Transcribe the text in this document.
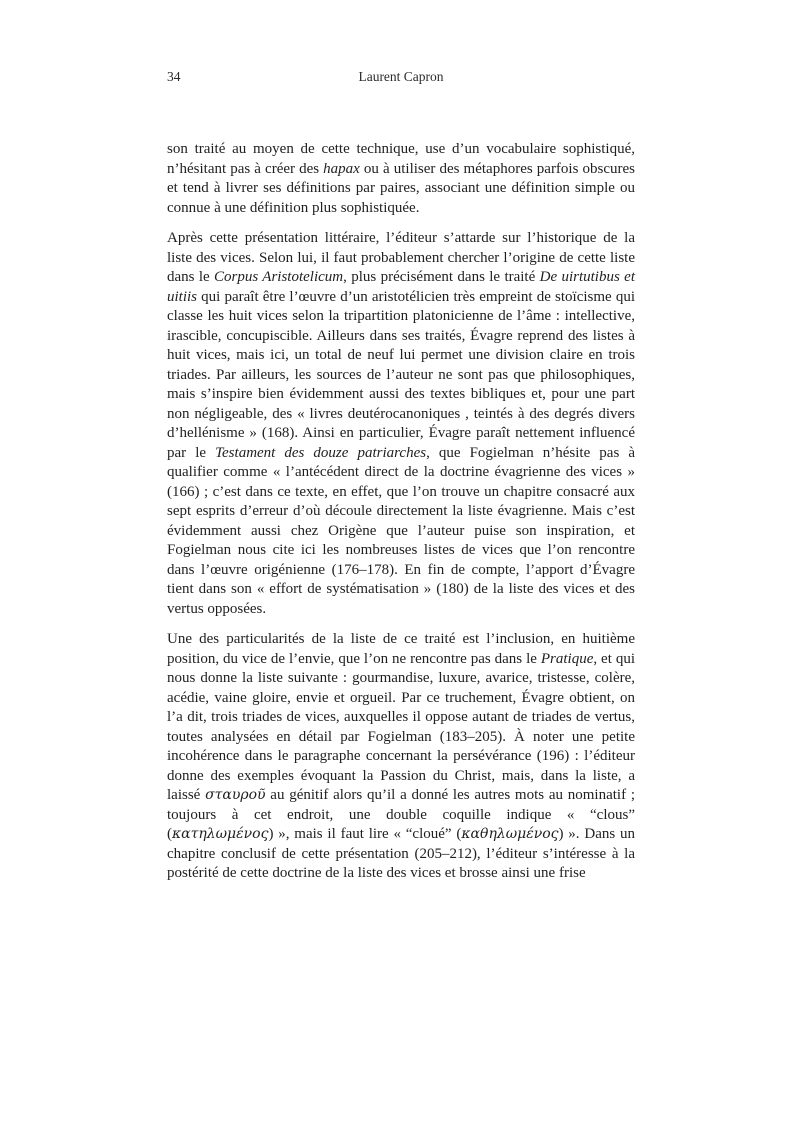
34	Laurent Capron

son traité au moyen de cette technique, use d’un vocabulaire sophistiqué, n’hésitant pas à créer des hapax ou à utiliser des métaphores parfois obscures et tend à livrer ses définitions par paires, associant une définition simple ou connue à une définition plus sophistiquée.

Après cette présentation littéraire, l’éditeur s’attarde sur l’historique de la liste des vices. Selon lui, il faut probablement chercher l’origine de cette liste dans le Corpus Aristotelicum, plus précisément dans le traité De uirtutibus et uitiis qui paraît être l’œuvre d’un aristotélicien très empreint de stoïcisme qui classe les huit vices selon la tripartition platonicienne de l’âme : intellective, irascible, concupiscible. Ailleurs dans ses traités, Évagre reprend des listes à huit vices, mais ici, un total de neuf lui permet une division claire en trois triades. Par ailleurs, les sources de l’auteur ne sont pas que philosophiques, mais s’inspire bien évidemment aussi des textes bibliques et, pour une part non négligeable, des « livres deutérocanoniques , teintés à des degrés divers d’hellénisme » (168). Ainsi en particulier, Évagre paraît nettement influencé par le Testament des douze patriarches, que Fogielman n’hésite pas à qualifier comme « l’antécédent direct de la doctrine évagrienne des vices » (166) ; c’est dans ce texte, en effet, que l’on trouve un chapitre consacré aux sept esprits d’erreur d’où découle directement la liste évagrienne. Mais c’est évidemment aussi chez Origène que l’auteur puise son inspiration, et Fogielman nous cite ici les nombreuses listes de vices que l’on rencontre dans l’œuvre origénienne (176–178). En fin de compte, l’apport d’Évagre tient dans son « effort de systématisation » (180) de la liste des vices et des vertus opposées.

Une des particularités de la liste de ce traité est l’inclusion, en huitième position, du vice de l’envie, que l’on ne rencontre pas dans le Pratique, et qui nous donne la liste suivante : gourmandise, luxure, avarice, tristesse, colère, acédie, vaine gloire, envie et orgueil. Par ce truchement, Évagre obtient, on l’a dit, trois triades de vices, auxquelles il oppose autant de triades de vertus, toutes analysées en détail par Fogielman (183–205). À noter une petite incohérence dans le paragraphe concernant la persévérance (196) : l’éditeur donne des exemples évoquant la Passion du Christ, mais, dans la liste, a laissé σταυροῦ au génitif alors qu’il a donné les autres mots au nominatif ; toujours à cet endroit, une double coquille indique « “clous” (κατηλωμένος) », mais il faut lire « “cloué” (καθηλωμένος) ». Dans un chapitre conclusif de cette présentation (205–212), l’éditeur s’intéresse à la postérité de cette doctrine de la liste des vices et brosse ainsi une frise
